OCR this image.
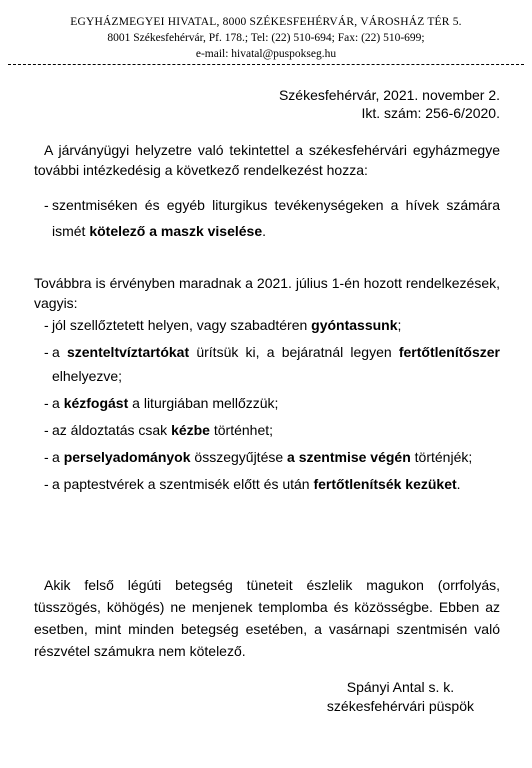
EGYHÁZMEGYEI HIVATAL, 8000 SZÉKESFEHÉRVÁR, VÁROSHÁZ TÉR 5.
8001 Székesfehérvár, Pf. 178.; Tel: (22) 510-694; Fax: (22) 510-699;
e-mail: hivatal@puspokseg.hu
Székesfehérvár, 2021. november 2.
Ikt. szám: 256-6/2020.
A járványügyi helyzetre való tekintettel a székesfehérvári egyházmegye további intézkedésig a következő rendelkezést hozza:
- szentmiséken és egyéb liturgikus tevékenységeken a hívek számára ismét kötelező a maszk viselése.
Továbbra is érvényben maradnak a 2021. július 1-én hozott rendelkezések, vagyis:
- jól szellőztetett helyen, vagy szabadtéren gyóntassunk;
- a szenteltvíztartókat ürítsük ki, a bejáratnál legyen fertőtlenítőszer elhelyezve;
- a kézfogást a liturgiában mellőzzük;
- az áldoztatás csak kézbe történhet;
- a perselyadományok összegyűjtése a szentmise végén történjék;
- a paptestvérek a szentmisék előtt és után fertőtlenítsék kezüket.
Akik felső légúti betegség tüneteit észlelik magukon (orrfolyás, tüsszögés, köhögés) ne menjenek templomba és közösségbe. Ebben az esetben, mint minden betegség esetében, a vasárnapi szentmisén való részvétel számukra nem kötelező.
Spányi Antal s. k.
székesfehérvári püspök
